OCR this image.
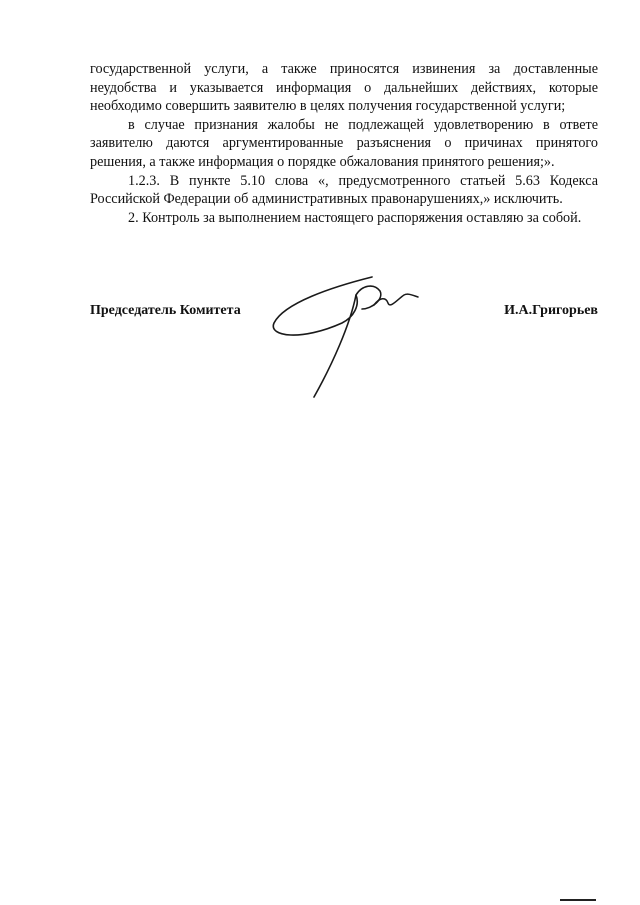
государственной услуги, а также приносятся извинения за доставленные неудобства и указывается информация о дальнейших действиях, которые необходимо совершить заявителю в целях получения государственной услуги;

в случае признания жалобы не подлежащей удовлетворению в ответе заявителю даются аргументированные разъяснения о причинах принятого решения, а также информация о порядке обжалования принятого решения;».

1.2.3. В пункте 5.10 слова «, предусмотренного статьей 5.63 Кодекса Российской Федерации об административных правонарушениях,» исключить.

2. Контроль за выполнением настоящего распоряжения оставляю за собой.

Председатель Комитета	И.А.Григорьев
